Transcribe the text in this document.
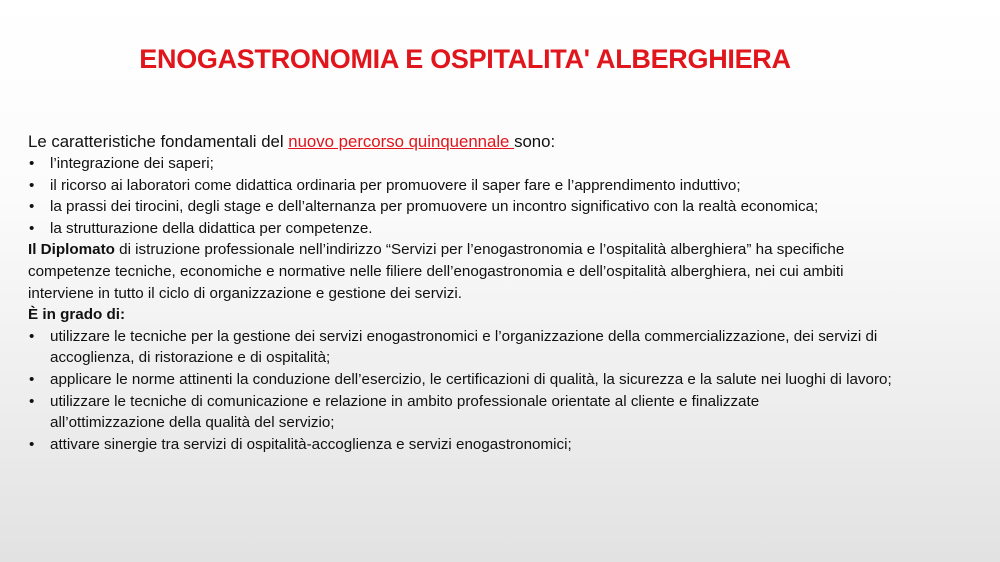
ENOGASTRONOMIA E OSPITALITA' ALBERGHIERA

Le caratteristiche fondamentali del nuovo percorso quinquennale sono:

• l’integrazione dei saperi;
• il ricorso ai laboratori come didattica ordinaria per promuovere il saper fare e l’apprendimento induttivo;
• la prassi dei tirocini, degli stage e dell’alternanza per promuovere un incontro significativo con la realtà economica;
• la strutturazione della didattica per competenze.

Il Diplomato di istruzione professionale nell’indirizzo “Servizi per l’enogastronomia e l’ospitalità alberghiera” ha specifiche competenze tecniche, economiche e normative nelle filiere dell’enogastronomia e dell’ospitalità alberghiera, nei cui ambiti interviene in tutto il ciclo di organizzazione e gestione dei servizi.

È in grado di:

• utilizzare le tecniche per la gestione dei servizi enogastronomici e l’organizzazione della commercializzazione, dei servizi di accoglienza, di ristorazione e di ospitalità;
• applicare le norme attinenti la conduzione dell’esercizio, le certificazioni di qualità, la sicurezza e la salute nei luoghi di lavoro;
• utilizzare le tecniche di comunicazione e relazione in ambito professionale orientate al cliente e finalizzate all’ottimizzazione della qualità del servizio;
• attivare sinergie tra servizi di ospitalità-accoglienza e servizi enogastronomici;
